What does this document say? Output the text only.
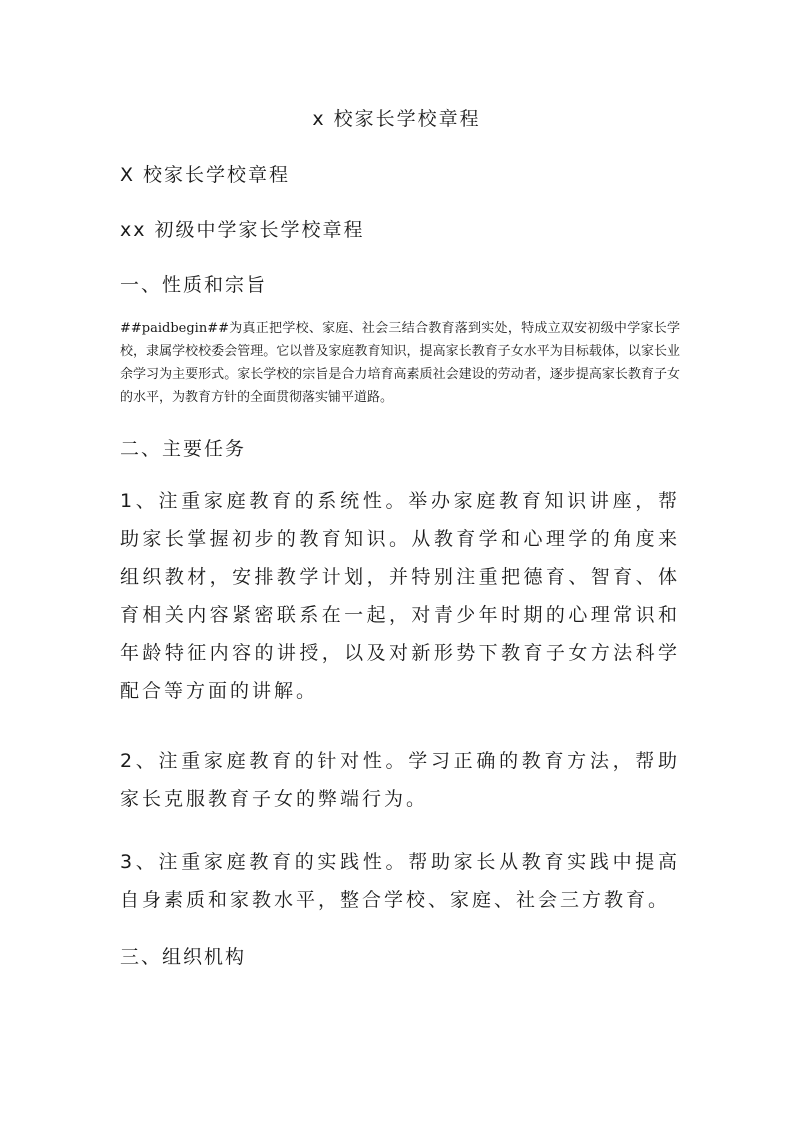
x 校家长学校章程
X 校家长学校章程
xx 初级中学家长学校章程
一、性质和宗旨
##paidbegin##为真正把学校、家庭、社会三结合教育落到实处，特成立双安初级中学家长学校，隶属学校校委会管理。它以普及家庭教育知识，提高家长教育子女水平为目标载体，以家长业余学习为主要形式。家长学校的宗旨是合力培育高素质社会建设的劳动者，逐步提高家长教育子女的水平，为教育方针的全面贯彻落实铺平道路。
二、主要任务
1、注重家庭教育的系统性。举办家庭教育知识讲座，帮助家长掌握初步的教育知识。从教育学和心理学的角度来组织教材，安排教学计划，并特别注重把德育、智育、体育相关内容紧密联系在一起，对青少年时期的心理常识和年龄特征内容的讲授，以及对新形势下教育子女方法科学配合等方面的讲解。
2、注重家庭教育的针对性。学习正确的教育方法，帮助家长克服教育子女的弊端行为。
3、注重家庭教育的实践性。帮助家长从教育实践中提高自身素质和家教水平，整合学校、家庭、社会三方教育。
三、组织机构
